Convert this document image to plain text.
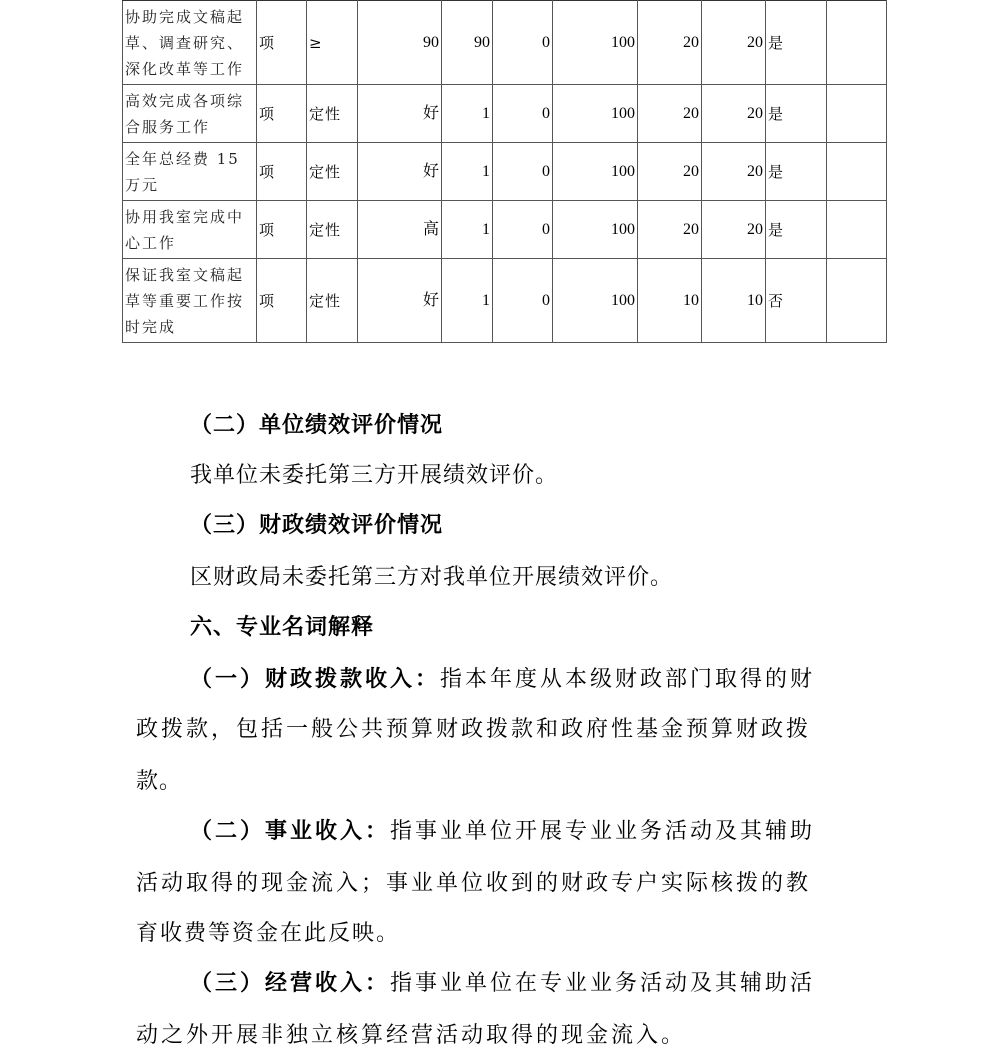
协助完成文稿起
草、调查研究、
深化改革等工作	项	≥	90	90	0	100	20	20	是	

高效完成各项综
合服务工作	项	定性	好	1	0	100	20	20	是	

全年总经费 15
万元	项	定性	好	1	0	100	20	20	是	

协用我室完成中
心工作	项	定性	高	1	0	100	20	20	是	

保证我室文稿起
草等重要工作按
时完成	项	定性	好	1	0	100	10	10	否	
（二）单位绩效评价情况
我单位未委托第三方开展绩效评价。
（三）财政绩效评价情况
区财政局未委托第三方对我单位开展绩效评价。
六、专业名词解释
（一）财政拨款收入：指本年度从本级财政部门取得的财
政拨款，包括一般公共预算财政拨款和政府性基金预算财政拨
款。
（二）事业收入：指事业单位开展专业业务活动及其辅助
活动取得的现金流入；事业单位收到的财政专户实际核拨的教
育收费等资金在此反映。
（三）经营收入：指事业单位在专业业务活动及其辅助活
动之外开展非独立核算经营活动取得的现金流入。
